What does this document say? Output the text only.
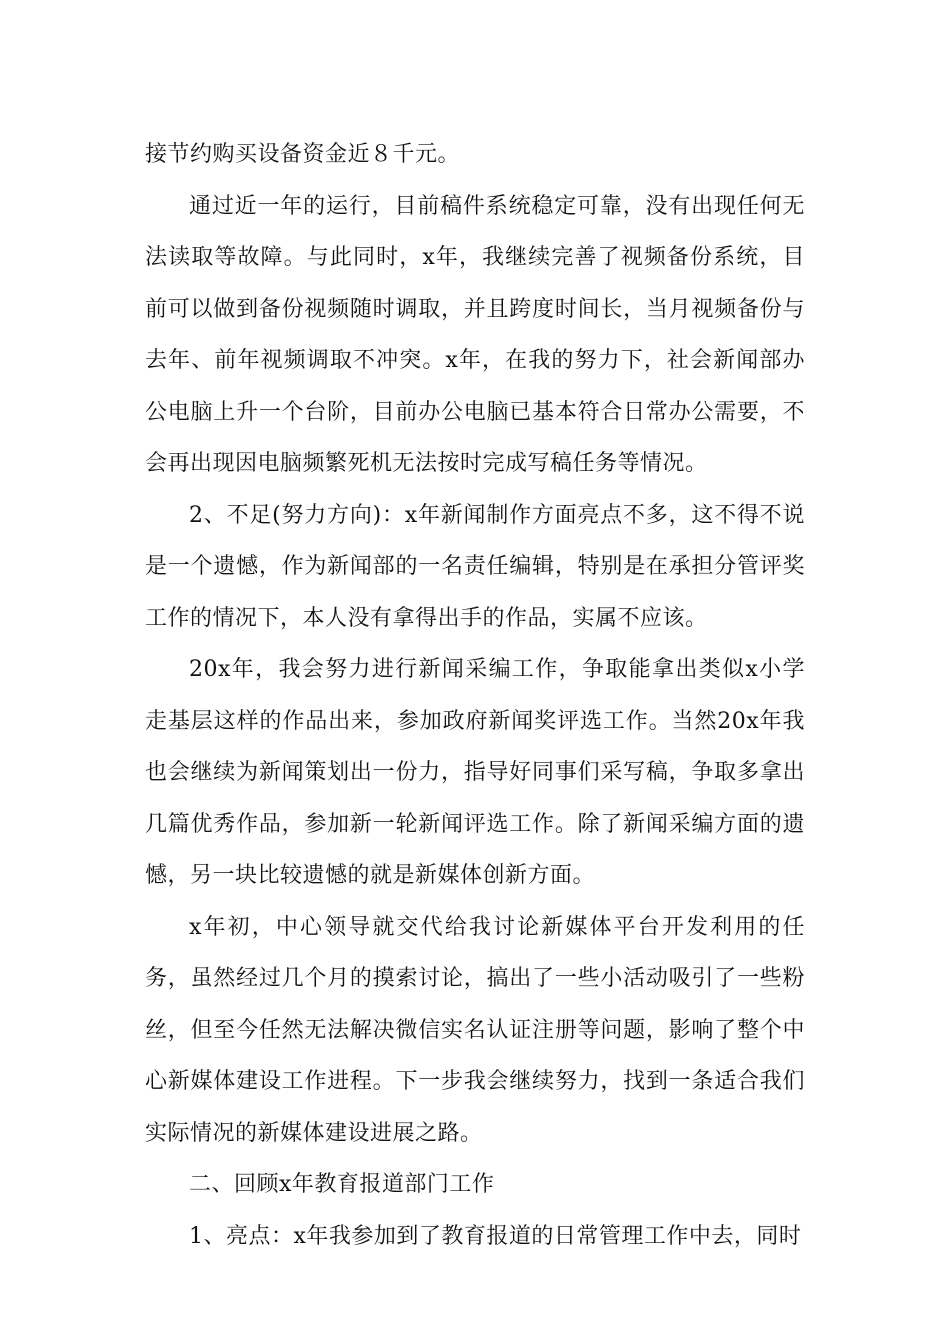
接节约购买设备资金近８千元。

通过近一年的运行，目前稿件系统稳定可靠，没有出现任何无法读取等故障。与此同时，x年，我继续完善了视频备份系统，目前可以做到备份视频随时调取，并且跨度时间长，当月视频备份与去年、前年视频调取不冲突。x年，在我的努力下，社会新闻部办公电脑上升一个台阶，目前办公电脑已基本符合日常办公需要，不会再出现因电脑频繁死机无法按时完成写稿任务等情况。

2、不足(努力方向)：x年新闻制作方面亮点不多，这不得不说是一个遗憾，作为新闻部的一名责任编辑，特别是在承担分管评奖工作的情况下，本人没有拿得出手的作品，实属不应该。

20x年，我会努力进行新闻采编工作，争取能拿出类似x小学走基层这样的作品出来，参加政府新闻奖评选工作。当然20x年我也会继续为新闻策划出一份力，指导好同事们采写稿，争取多拿出几篇优秀作品，参加新一轮新闻评选工作。除了新闻采编方面的遗憾，另一块比较遗憾的就是新媒体创新方面。

x年初，中心领导就交代给我讨论新媒体平台开发利用的任务，虽然经过几个月的摸索讨论，搞出了一些小活动吸引了一些粉丝，但至今任然无法解决微信实名认证注册等问题，影响了整个中心新媒体建设工作进程。下一步我会继续努力，找到一条适合我们实际情况的新媒体建设进展之路。

二、回顾x年教育报道部门工作

1、亮点：x年我参加到了教育报道的日常管理工作中去，同时
